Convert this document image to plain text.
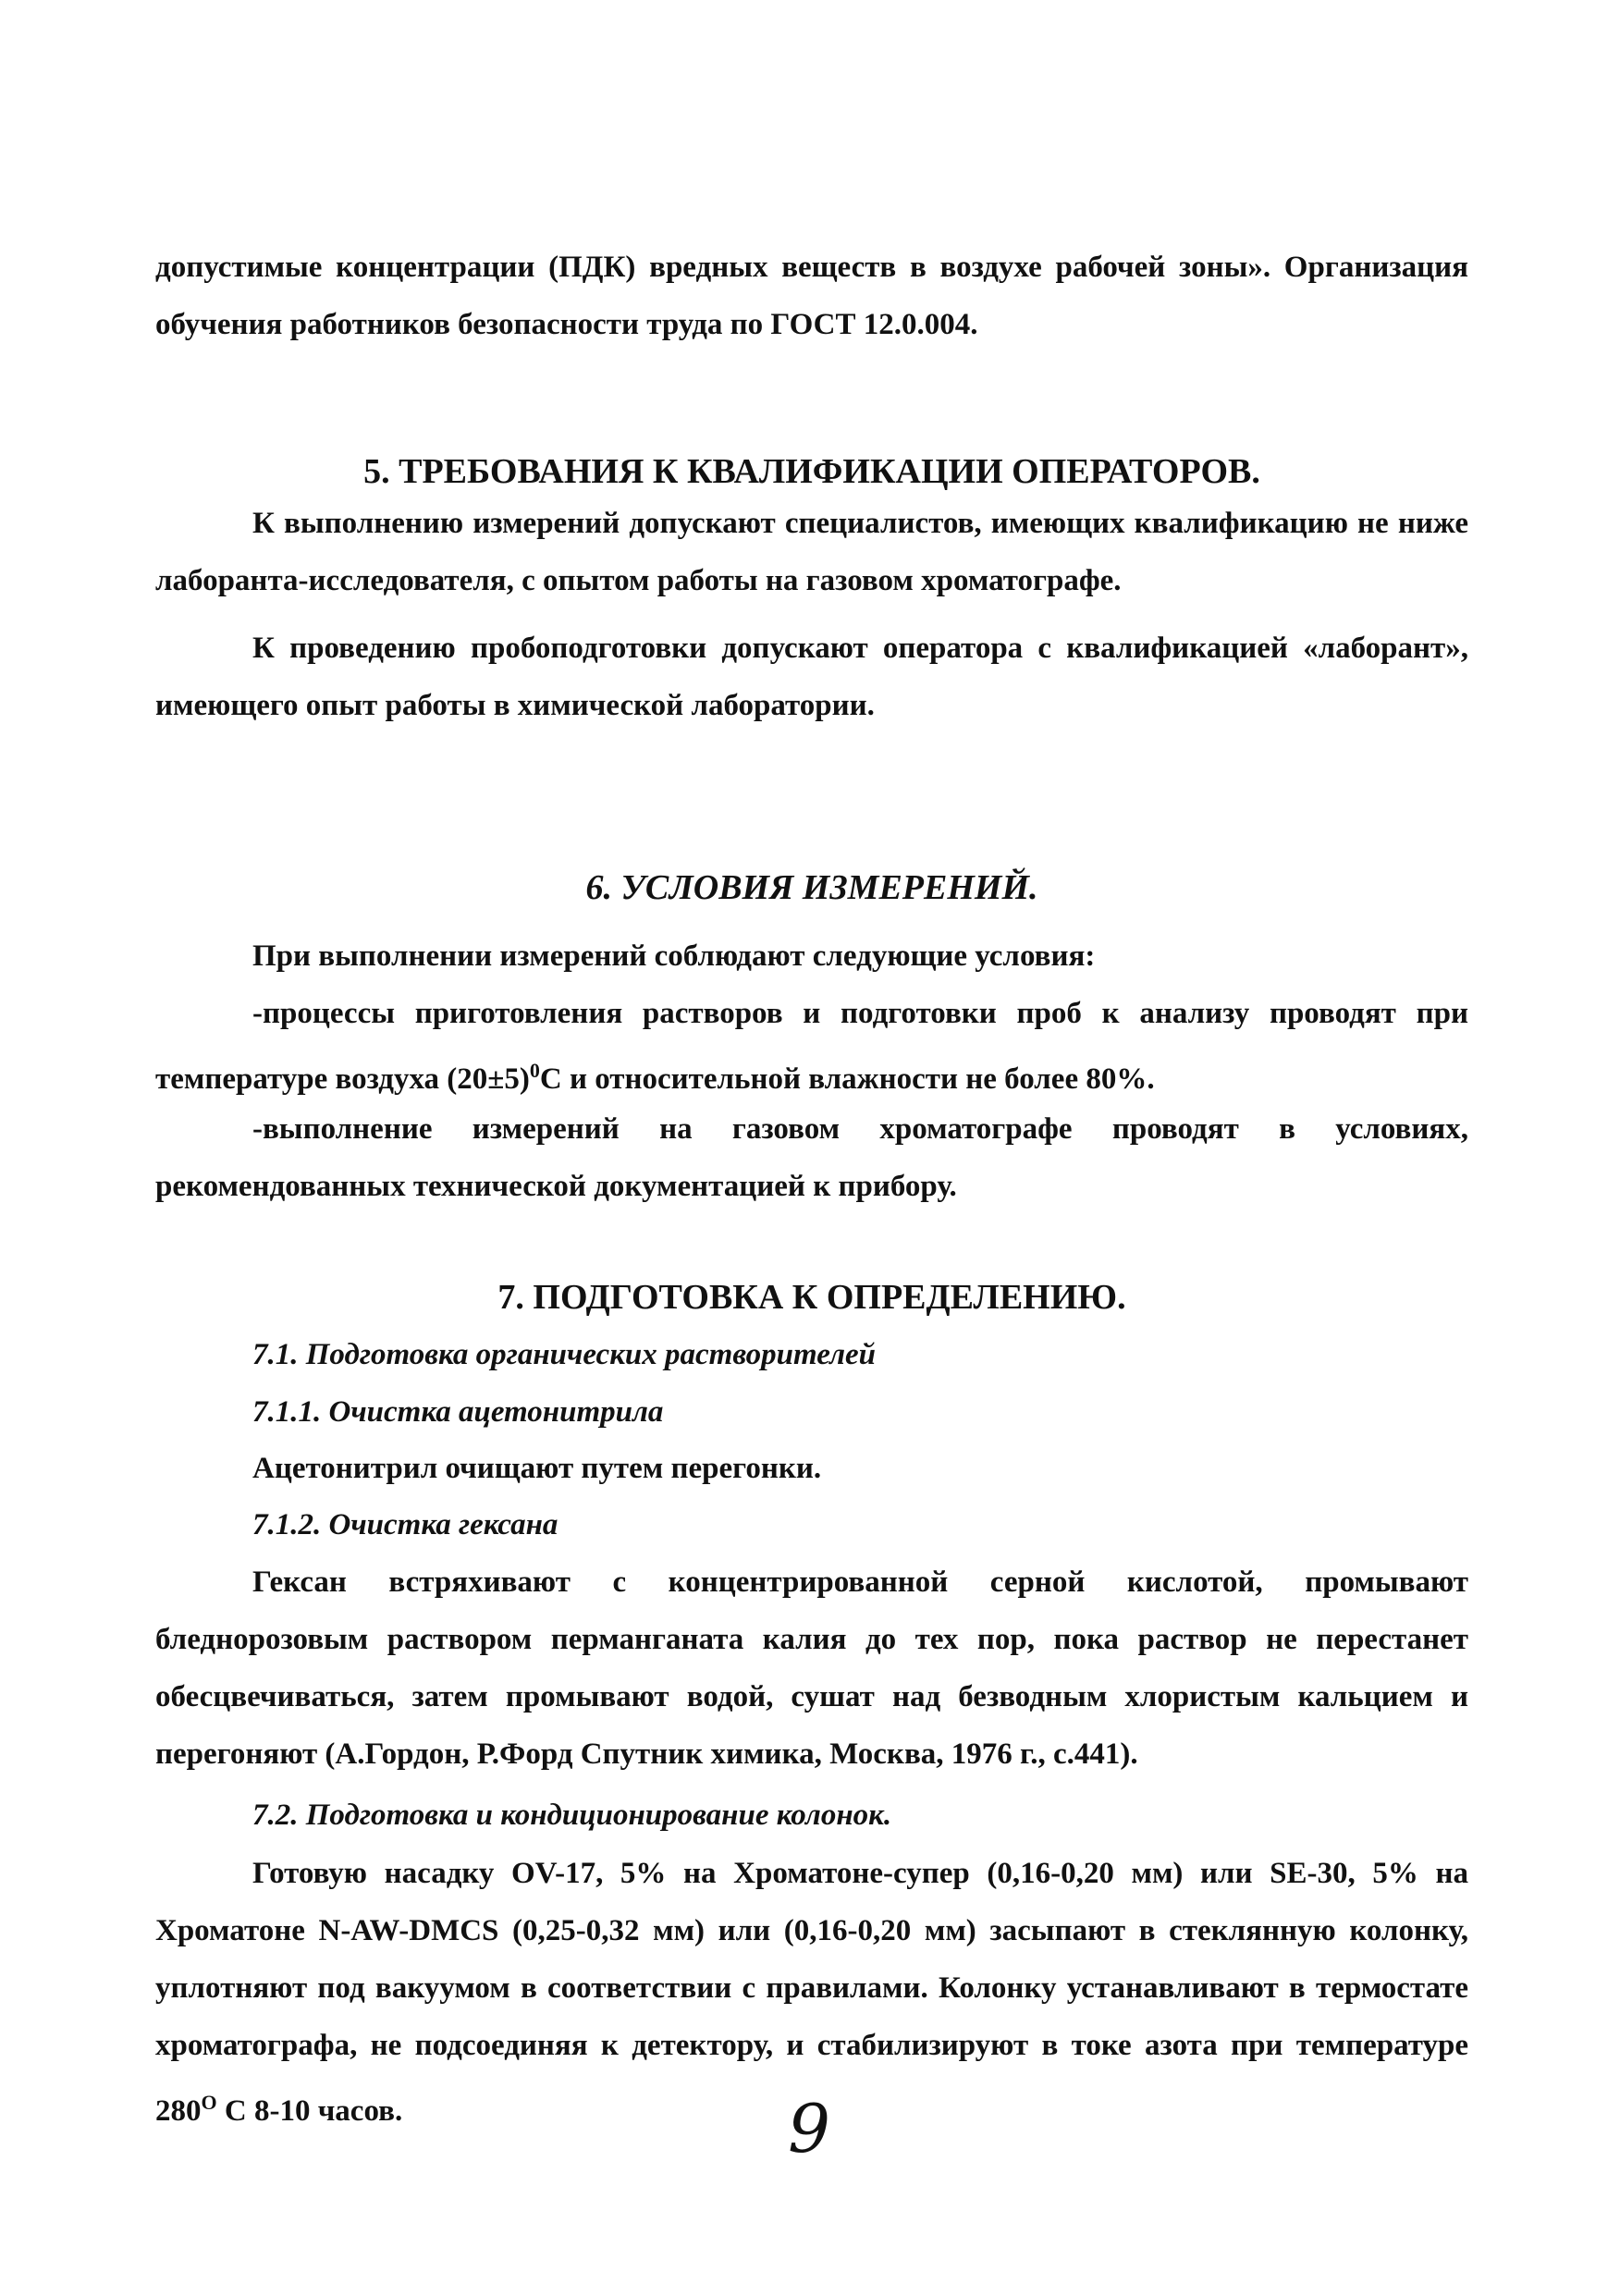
допустимые концентрации (ПДК) вредных веществ в воздухе рабочей зоны». Организация обучения работников безопасности труда по ГОСТ 12.0.004.
5. ТРЕБОВАНИЯ К КВАЛИФИКАЦИИ ОПЕРАТОРОВ.
К выполнению измерений допускают специалистов, имеющих квалификацию не ниже лаборанта-исследователя, с опытом работы на газовом хроматографе.
К проведению пробоподготовки допускают оператора с квалификацией «лаборант», имеющего опыт работы в химической лаборатории.
6. УСЛОВИЯ ИЗМЕРЕНИЙ.
При выполнении измерений соблюдают следующие условия:
-процессы приготовления растворов и подготовки проб к анализу проводят при температуре воздуха $(20\pm 5)^0С$ и относительной влажности не более 80%.
-выполнение измерений на газовом хроматографе проводят в условиях, рекомендованных технической документацией к прибору.
7. ПОДГОТОВКА К ОПРЕДЕЛЕНИЮ.
7.1. Подготовка органических растворителей
7.1.1. Очистка ацетонитрила
Ацетонитрил очищают путем перегонки.
7.1.2. Очистка гексана
Гексан встряхивают с концентрированной серной кислотой, промывают бледнорозовым раствором перманганата калия до тех пор, пока раствор не перестанет обесцвечиваться, затем промывают водой, сушат над безводным хлористым кальцием и перегоняют (А.Гордон, Р.Форд Спутник химика, Москва, 1976 г., с.441).
7.2. Подготовка и кондиционирование колонок.
Готовую насадку OV-17, 5% на Хроматоне-супер (0,16-0,20 мм) или SE-30, 5% на Хроматоне N-AW-DMCS (0,25-0,32 мм) или (0,16-0,20 мм) засыпают в стеклянную колонку, уплотняют под вакуумом в соответствии с правилами. Колонку устанавливают в термостате хроматографа, не подсоединяя к детектору, и стабилизируют в токе азота при температуре $280^О$ С 8-10 часов.	9
